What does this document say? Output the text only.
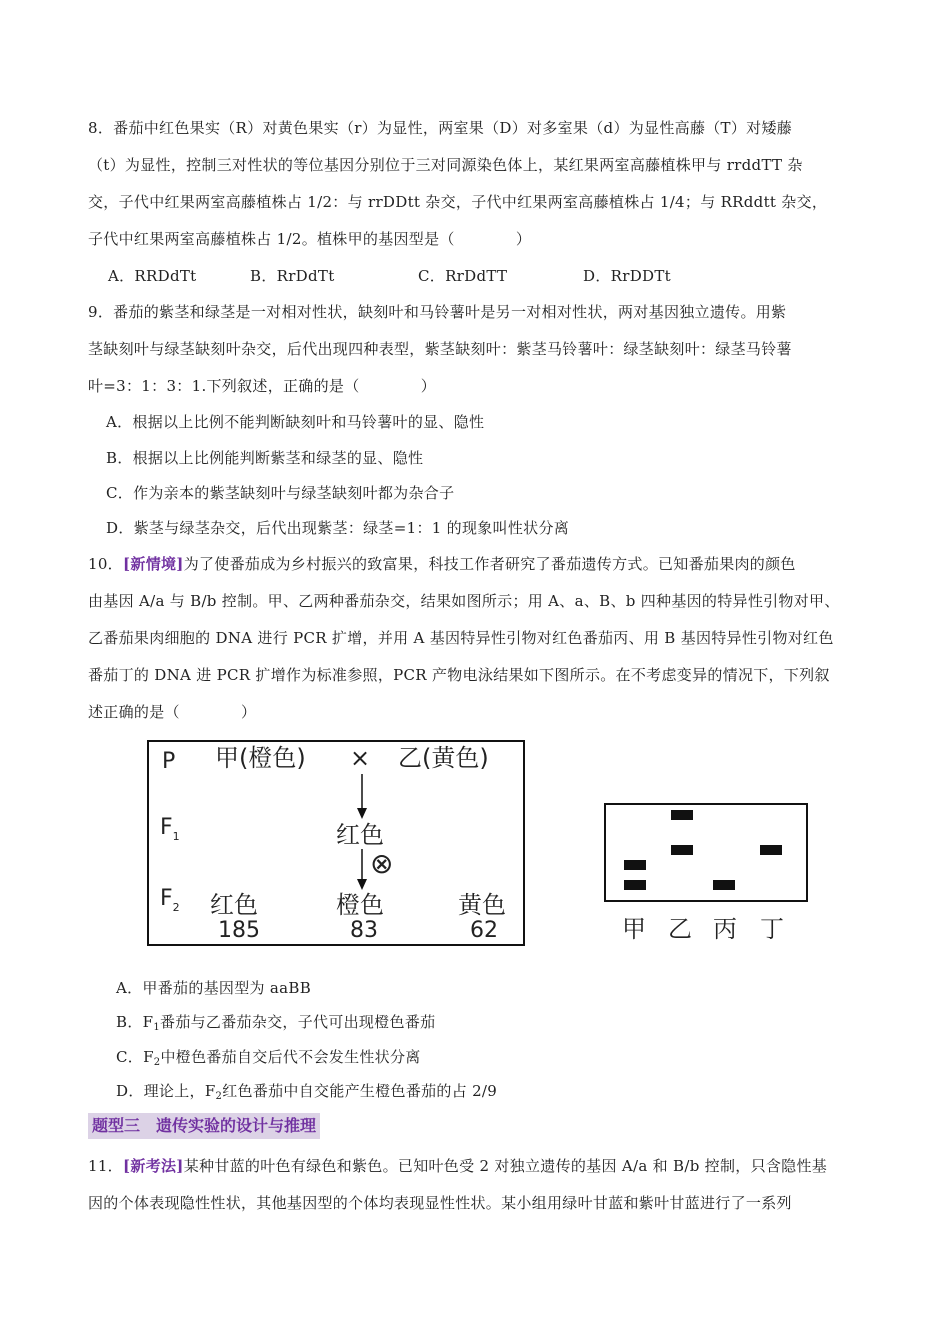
8．番茄中红色果实（R）对黄色果实（r）为显性，两室果（D）对多室果（d）为显性高藤（T）对矮藤
（t）为显性，控制三对性状的等位基因分别位于三对同源染色体上，某红果两室高藤植株甲与 rrddTT 杂
交，子代中红果两室高藤植株占 1/2：与 rrDDtt 杂交，子代中红果两室高藤植株占 1/4；与 RRddtt 杂交，
子代中红果两室高藤植株占 1/2。植株甲的基因型是（　　　　）
A．RRDdTt	B．RrDdTt	C．RrDdTT	D．RrDDTt
9．番茄的紫茎和绿茎是一对相对性状，缺刻叶和马铃薯叶是另一对相对性状，两对基因独立遗传。用紫
茎缺刻叶与绿茎缺刻叶杂交，后代出现四种表型，紫茎缺刻叶：紫茎马铃薯叶：绿茎缺刻叶：绿茎马铃薯
叶=3：1：3：1.下列叙述，正确的是（　　　　）
A．根据以上比例不能判断缺刻叶和马铃薯叶的显、隐性
B．根据以上比例能判断紫茎和绿茎的显、隐性
C．作为亲本的紫茎缺刻叶与绿茎缺刻叶都为杂合子
D．紫茎与绿茎杂交，后代出现紫茎：绿茎=1：1 的现象叫性状分离
10．[新情境]为了使番茄成为乡村振兴的致富果，科技工作者研究了番茄遗传方式。已知番茄果肉的颜色
由基因 A/a 与 B/b 控制。甲、乙两种番茄杂交，结果如图所示；用 A、a、B、b 四种基因的特异性引物对甲、
乙番茄果肉细胞的 DNA 进行 PCR 扩增，并用 A 基因特异性引物对红色番茄丙、用 B 基因特异性引物对红色
番茄丁的 DNA 进 PCR 扩增作为标准参照，PCR 产物电泳结果如下图所示。在不考虑变异的情况下，下列叙
述正确的是（　　　　）
P 甲(橙色) × 乙(黄色)
$F_1$	红色
⊗
$F_2$ 红色
185
橙色
83
黄色
62	甲 乙 丙 丁
A．甲番茄的基因型为 aaBB
B．$F_1$番茄与乙番茄杂交，子代可出现橙色番茄
C．$F_2$中橙色番茄自交后代不会发生性状分离
D．理论上，$F_2$红色番茄中自交能产生橙色番茄的占 2/9
题型三　遗传实验的设计与推理
11．[新考法]某种甘蓝的叶色有绿色和紫色。已知叶色受 2 对独立遗传的基因 A/a 和 B/b 控制，只含隐性基
因的个体表现隐性性状，其他基因型的个体均表现显性性状。某小组用绿叶甘蓝和紫叶甘蓝进行了一系列
